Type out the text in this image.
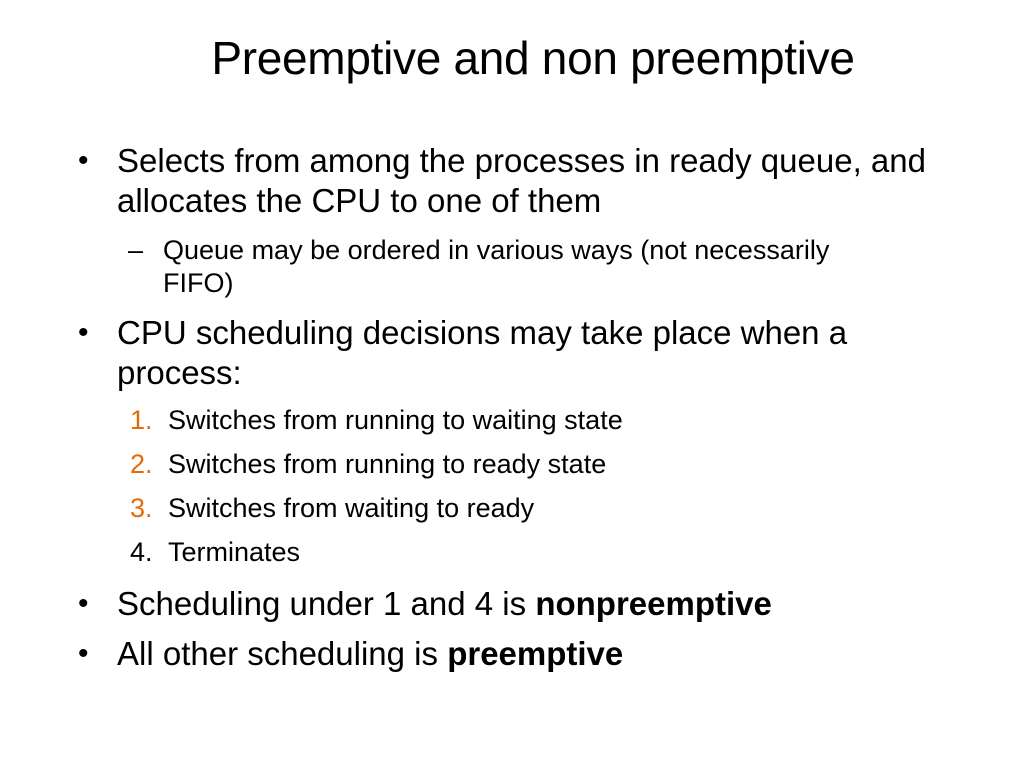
Preemptive and non preemptive
• Selects from among the processes in ready queue, and allocates the CPU to one of them
– Queue may be ordered in various ways (not necessarily FIFO)
• CPU scheduling decisions may take place when a process:
1. Switches from running to waiting state
2. Switches from running to ready state
3. Switches from waiting to ready
4. Terminates
• Scheduling under 1 and 4 is nonpreemptive
• All other scheduling is preemptive
